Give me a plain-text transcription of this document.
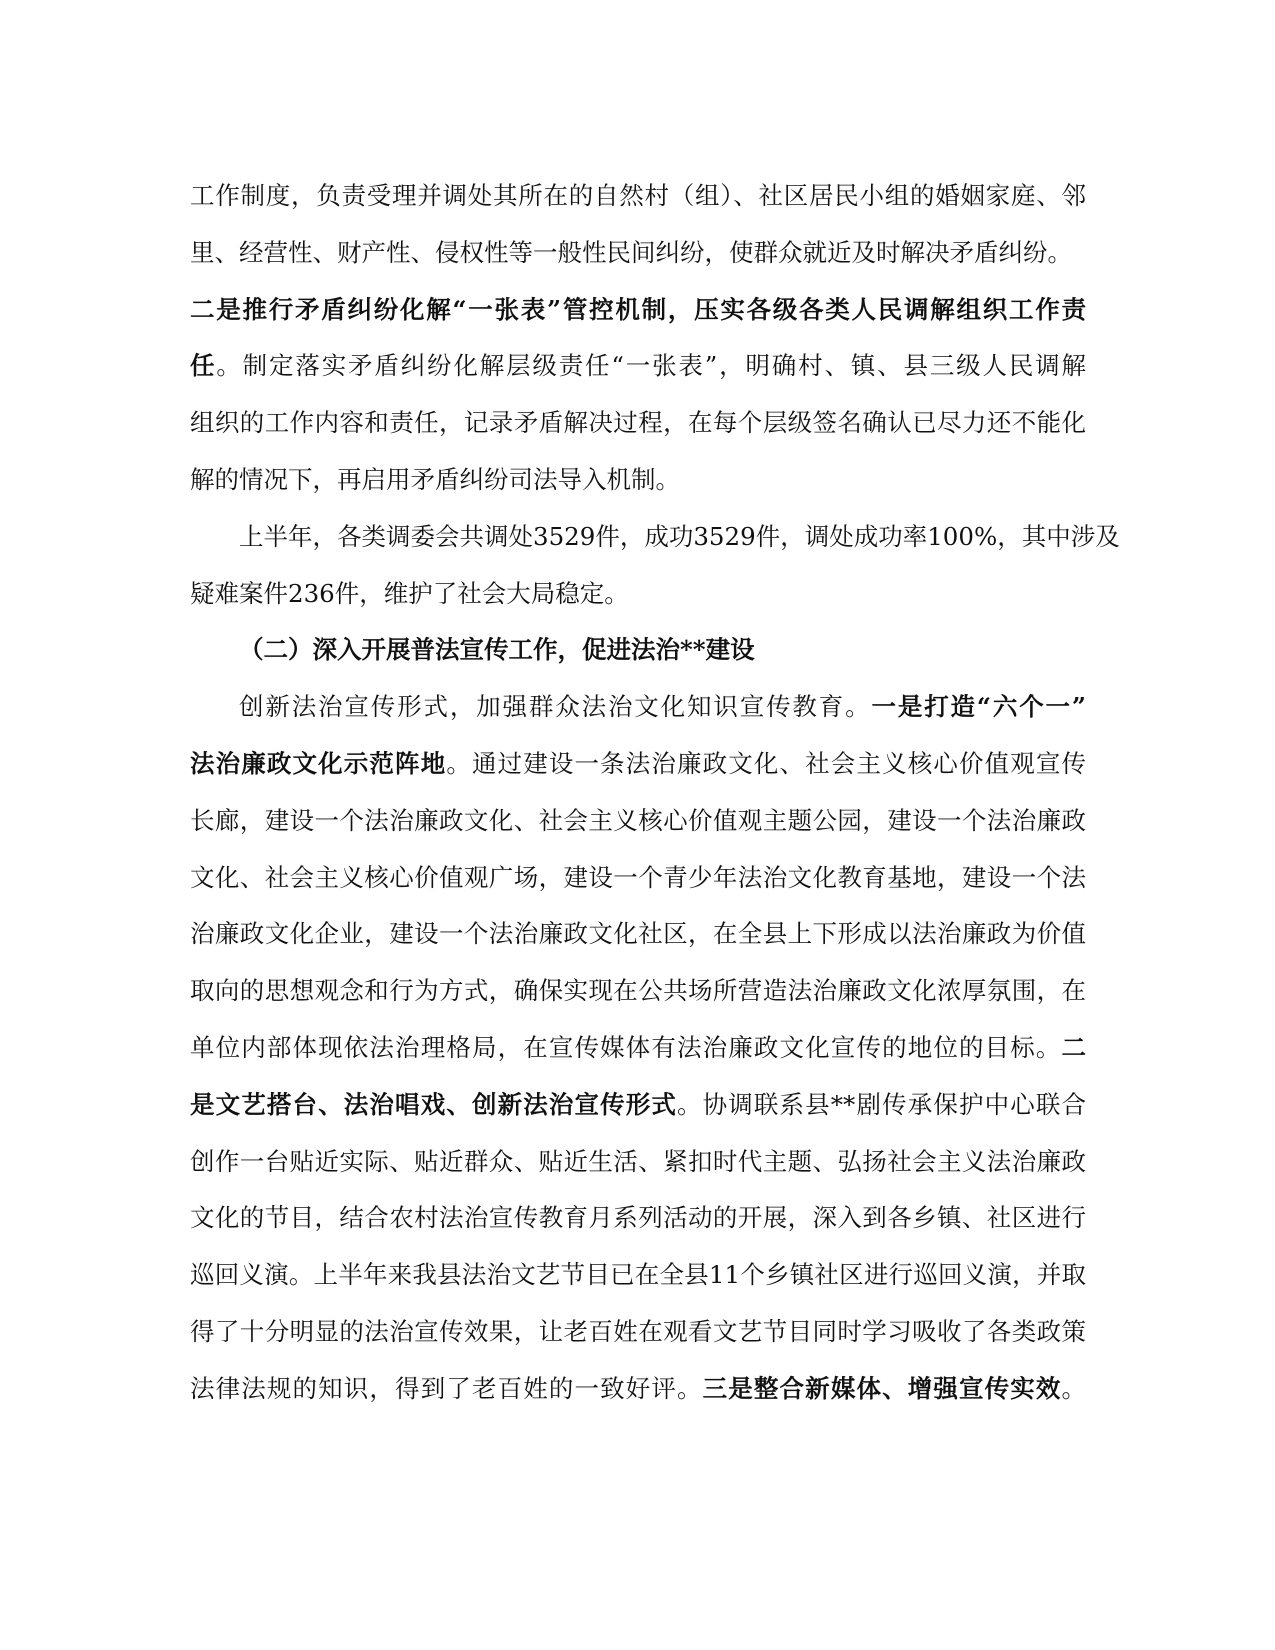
工作制度，负责受理并调处其所在的自然村（组）、社区居民小组的婚姻家庭、邻
里、经营性、财产性、侵权性等一般性民间纠纷，使群众就近及时解决矛盾纠纷。
二是推行矛盾纠纷化解“一张表”管控机制，压实各级各类人民调解组织工作责
任。制定落实矛盾纠纷化解层级责任“一张表”，明确村、镇、县三级人民调解
组织的工作内容和责任，记录矛盾解决过程，在每个层级签名确认已尽力还不能化
解的情况下，再启用矛盾纠纷司法导入机制。
上半年，各类调委会共调处3529件，成功3529件，调处成功率100%，其中涉及
疑难案件236件，维护了社会大局稳定。
（二）深入开展普法宣传工作，促进法治**建设
创新法治宣传形式，加强群众法治文化知识宣传教育。一是打造“六个一”
法治廉政文化示范阵地。通过建设一条法治廉政文化、社会主义核心价值观宣传
长廊，建设一个法治廉政文化、社会主义核心价值观主题公园，建设一个法治廉政
文化、社会主义核心价值观广场，建设一个青少年法治文化教育基地，建设一个法
治廉政文化企业，建设一个法治廉政文化社区，在全县上下形成以法治廉政为价值
取向的思想观念和行为方式，确保实现在公共场所营造法治廉政文化浓厚氛围，在
单位内部体现依法治理格局，在宣传媒体有法治廉政文化宣传的地位的目标。二
是文艺搭台、法治唱戏、创新法治宣传形式。协调联系县**剧传承保护中心联合
创作一台贴近实际、贴近群众、贴近生活、紧扣时代主题、弘扬社会主义法治廉政
文化的节目，结合农村法治宣传教育月系列活动的开展，深入到各乡镇、社区进行
巡回义演。上半年来我县法治文艺节目已在全县11个乡镇社区进行巡回义演，并取
得了十分明显的法治宣传效果，让老百姓在观看文艺节目同时学习吸收了各类政策
法律法规的知识，得到了老百姓的一致好评。三是整合新媒体、增强宣传实效。
